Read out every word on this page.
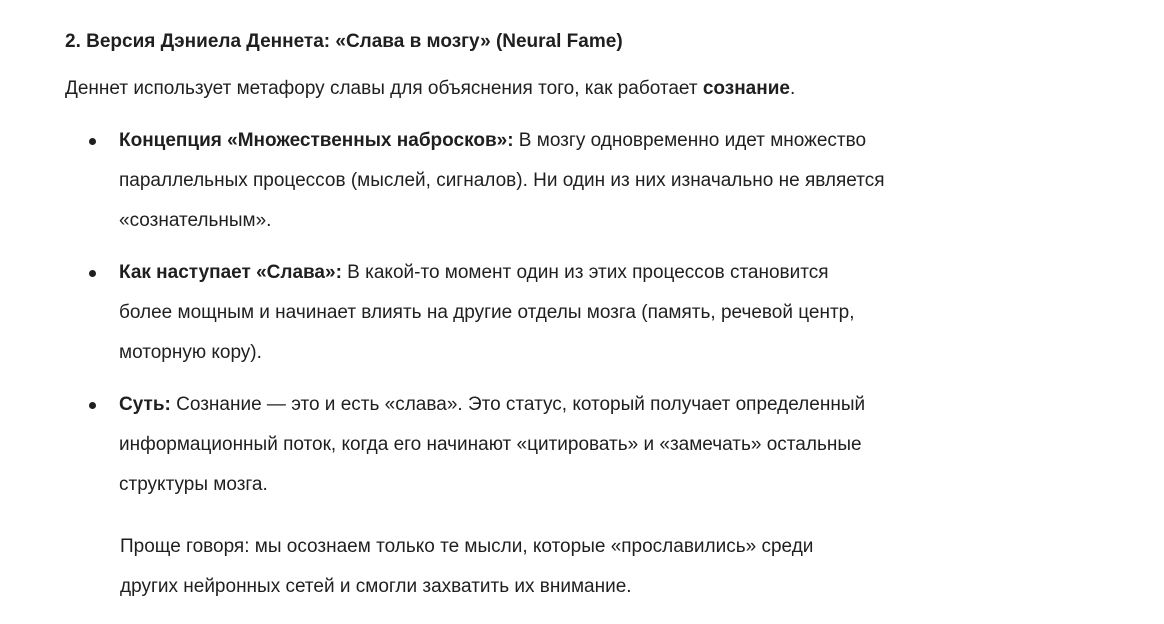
2. Версия Дэниела Деннета: «Слава в мозгу» (Neural Fame)

Деннет использует метафору славы для объяснения того, как работает сознание.

Концепция «Множественных набросков»: В мозгу одновременно идет множество
параллельных процессов (мыслей, сигналов). Ни один из них изначально не является
«сознательным».
Как наступает «Слава»: В какой-то момент один из этих процессов становится
более мощным и начинает влиять на другие отделы мозга (память, речевой центр,
моторную кору).
Суть: Сознание — это и есть «слава». Это статус, который получает определенный
информационный поток, когда его начинают «цитировать» и «замечать» остальные
структуры мозга.
Проще говоря: мы осознаем только те мысли, которые «прославились» среди
других нейронных сетей и смогли захватить их внимание.
